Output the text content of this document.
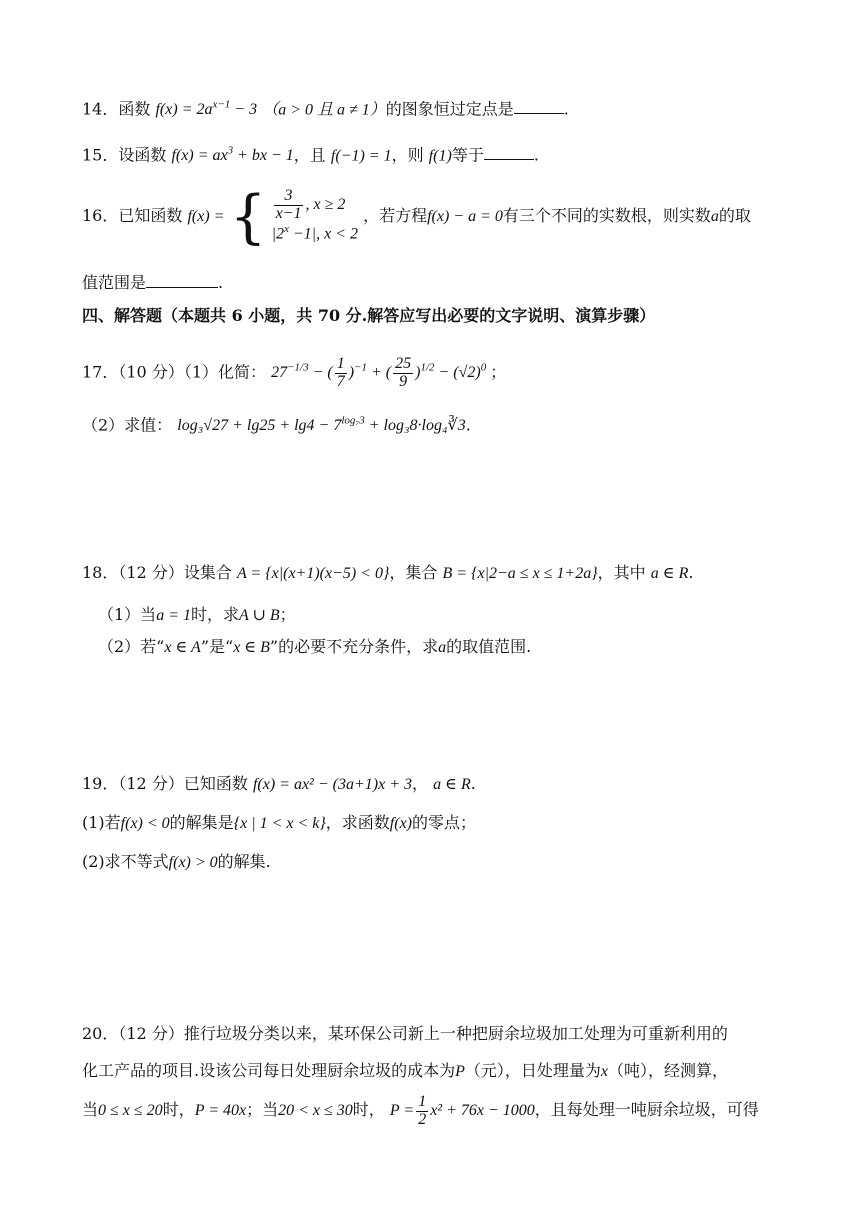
14．函数 $f(x) = 2a^{x-1} - 3$ （a > 0 且 a ≠ 1）的图象恒过定点是	.
15．设函数 $f(x) = ax^3$ + bx − 1，且 f(−1) = 1，则 f(1)等于	.
16．已知函数 f(x) = { $\frac{3}{x-1}$ , x ≥ 2
$|2^x -1|$, x < 2
，若方程f(x) − a = 0有三个不同的实数根，则实数a的取
值范围是	.
四、解答题（本题共 6 小题，共 70 分.解答应写出必要的文字说明、演算步骤）
17．（10 分）（1）化简： $27^{-1/3}$ − ( $\frac{1}{7} )^{-1}$ + ( $\frac{25}{9} )^{1/2} - (√2)^0$ ；
（2）求值： $\log_3√27 + \lg 25 + \lg 4 - 7^{log_73}$ + log₃8·log₄∛3.
18．（12 分）设集合 A = {x|(x+1)(x−5) < 0}，集合 B = {x|2−a ≤ x ≤ 1+2a}，其中 a ∈ R.
（1）当a = 1时，求A ∪ B；
（2）若“x ∈ A”是“x ∈ B”的必要不充分条件，求a的取值范围.
19．（12 分）已知函数 f(x) = ax² − (3a+1)x + 3， a ∈ R.
(1)若f(x) < 0的解集是{x | 1 < x < k}，求函数f(x)的零点；
(2)求不等式f(x) > 0的解集.
20．（12 分）推行垃圾分类以来，某环保公司新上一种把厨余垃圾加工处理为可重新利用的
化工产品的项目.设该公司每日处理厨余垃圾的成本为P（元），日处理量为x（吨），经测算，
当0 ≤ x ≤ 20时，P = 40x；当20 < x ≤ 30时， $P = \frac{1}{2} x^2 + 76x - 1000$，且每处理一吨厨余垃圾，可得
